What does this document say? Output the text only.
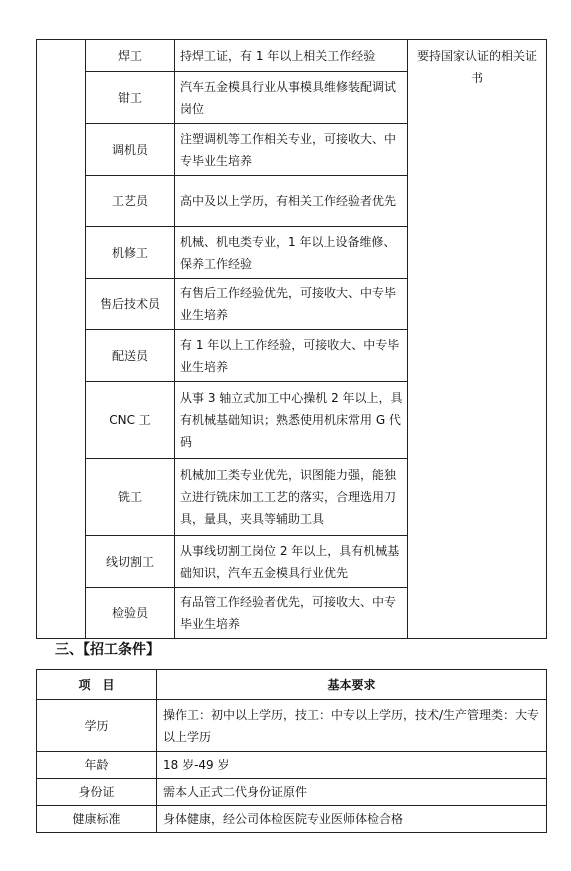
	焊工	持焊工证，有 1 年以上相关工作经验	要持国家认证的相关证书
	钳工	汽车五金模具行业从事模具维修装配调试岗位	
	调机员	注塑调机等工作相关专业，可接收大、中专毕业生培养	
	工艺员	高中及以上学历，有相关工作经验者优先	
	机修工	机械、机电类专业，1 年以上设备维修、保养工作经验	
	售后技术员	有售后工作经验优先，可接收大、中专毕业生培养	
	配送员	有 1 年以上工作经验，可接收大、中专毕业生培养	
	CNC 工	从事 3 轴立式加工中心操机 2 年以上，具有机械基础知识；熟悉使用机床常用 G 代码	
	铣工	机械加工类专业优先，识图能力强，能独立进行铣床加工工艺的落实，合理选用刀具，量具，夹具等辅助工具	
	线切割工	从事线切割工岗位 2 年以上，具有机械基础知识，汽车五金模具行业优先	
	检验员	有品管工作经验者优先，可接收大、中专毕业生培养	
三、【招工条件】
项　目	基本要求
学历	操作工：初中以上学历，技工：中专以上学历，技术/生产管理类：大专以上学历
年龄	18 岁-49 岁
身份证	需本人正式二代身份证原件
健康标准	身体健康，经公司体检医院专业医师体检合格
